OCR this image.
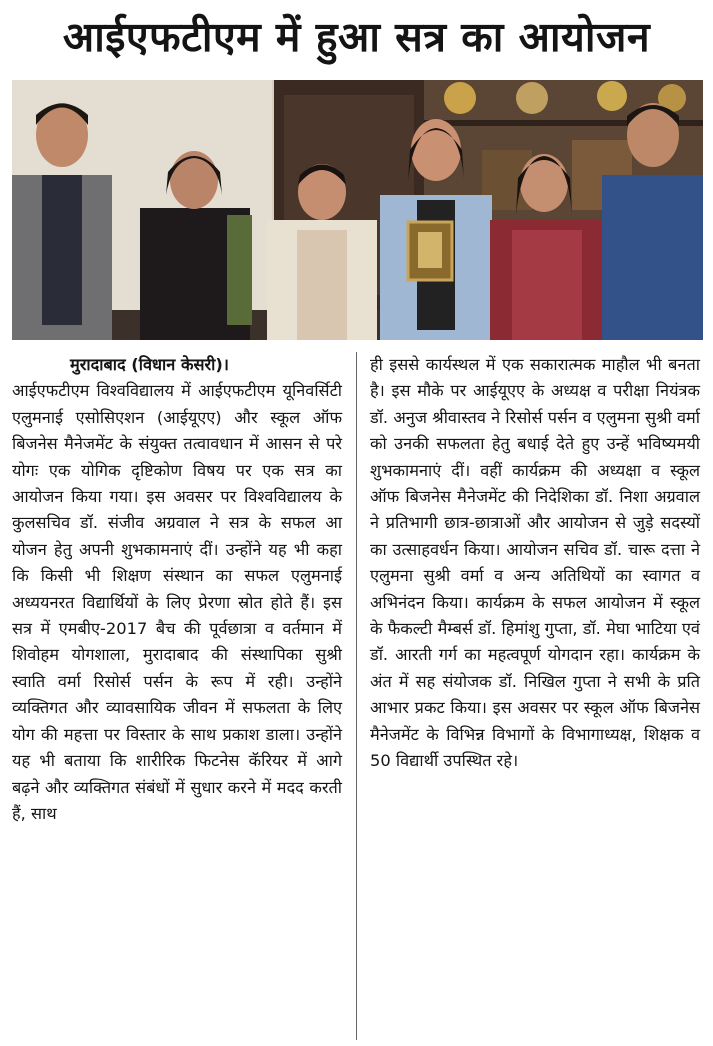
आईएफटीएम में हुआ सत्र का आयोजन
मुरादाबाद (विधान केसरी)।
आईएफटीएम विश्वविद्यालय में आईएफटीएम यूनिवर्सिटी एलुमनाई एसोसिएशन (आईयूएए) और स्कूल ऑफ बिजनेस मैनेजमेंट के संयुक्त तत्वावधान में आसन से परे योगः एक योगिक दृष्टिकोण विषय पर एक सत्र का आयोजन किया गया। इस अवसर पर विश्वविद्यालय के कुलसचिव डॉ. संजीव अग्रवाल ने सत्र के सफल आ योजन हेतु अपनी शुभकामनाएं दीं। उन्होंने यह भी कहा कि किसी भी शिक्षण संस्थान का सफल एलुमनाई अध्ययनरत विद्यार्थियों के लिए प्रेरणा स्रोत होते हैं। इस सत्र में एमबीए-2017 बैच की पूर्वछात्रा व वर्तमान में शिवोहम योगशाला, मुरादाबाद की संस्थापिका सुश्री स्वाति वर्मा रिसोर्स पर्सन के रूप में रही। उन्होंने व्यक्तिगत और व्यावसायिक जीवन में सफलता के लिए योग की महत्ता पर विस्तार के साथ प्रकाश डाला। उन्होंने यह भी बताया कि शारीरिक फिटनेस कॅरियर में आगे बढ़ने और व्यक्तिगत संबंधों में सुधार करने में मदद करती हैं, साथ
ही इससे कार्यस्थल में एक सकारात्मक माहौल भी बनता है। इस मौके पर आईयूएए के अध्यक्ष व परीक्षा नियंत्रक डॉ. अनुज श्रीवास्तव ने रिसोर्स पर्सन व एलुमना सुश्री वर्मा को उनकी सफलता हेतु बधाई देते हुए उन्हें भविष्यमयी शुभकामनाएं दीं। वहीं कार्यक्रम की अध्यक्षा व स्कूल ऑफ बिजनेस मैनेजमेंट की निदेशिका डॉ. निशा अग्रवाल ने प्रतिभागी छात्र-छात्राओं और आयोजन से जुड़े सदस्यों का उत्साहवर्धन किया। आयोजन सचिव डॉ. चारू दत्ता ने एलुमना सुश्री वर्मा व अन्य अतिथियों का स्वागत व अभिनंदन किया। कार्यक्रम के सफल आयोजन में स्कूल के फैकल्टी मैम्बर्स डॉ. हिमांशु गुप्ता, डॉ. मेघा भाटिया एवं डॉ. आरती गर्ग का महत्वपूर्ण योगदान रहा। कार्यक्रम के अंत में सह संयोजक डॉ. निखिल गुप्ता ने सभी के प्रति आभार प्रकट किया। इस अवसर पर स्कूल ऑफ बिजनेस मैनेजमेंट के विभिन्न विभागों के विभागाध्यक्ष, शिक्षक व 50 विद्यार्थी उपस्थित रहे।
